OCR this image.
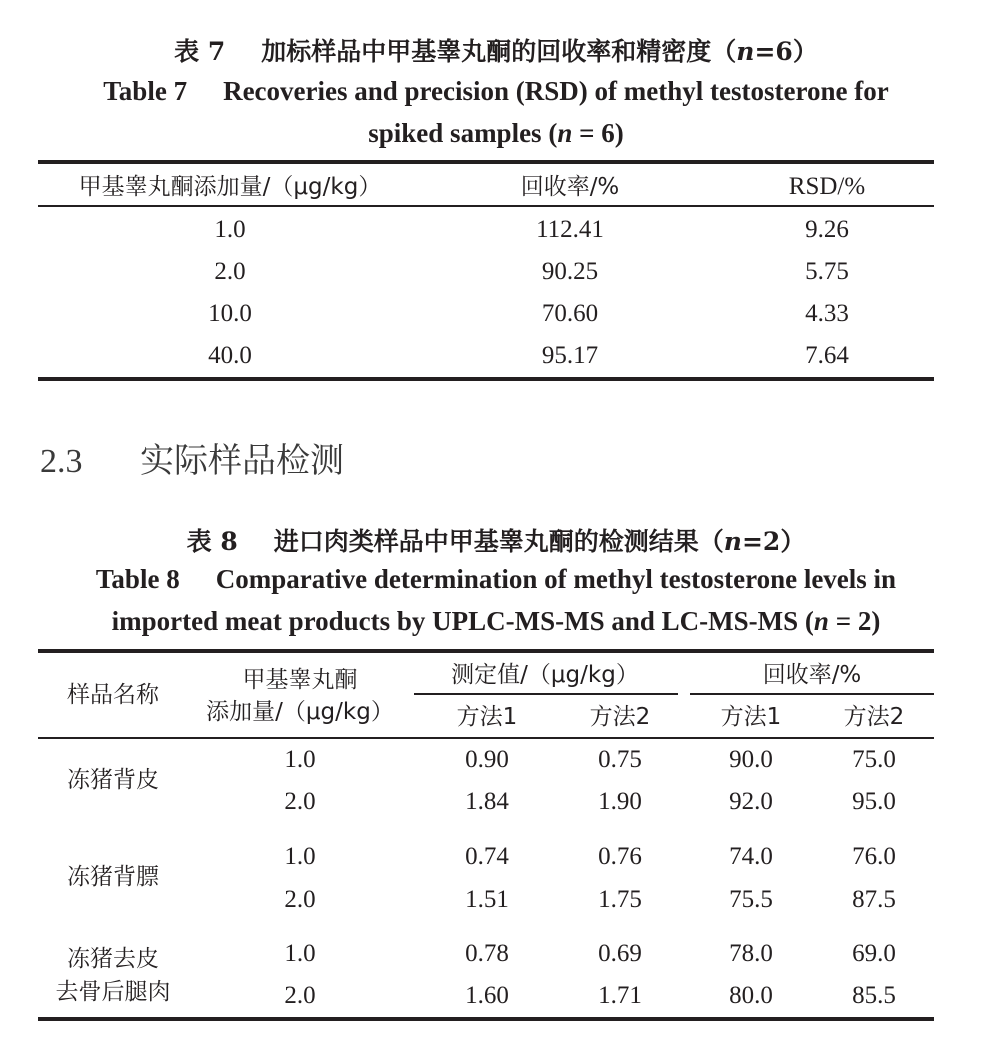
表 7 加标样品中甲基睾丸酮的回收率和精密度（n=6）
Table 7 Recoveries and precision (RSD) of methyl testosterone for
spiked samples (n = 6)
甲基睾丸酮添加量/（μg/kg）	回收率/%	RSD/%
1.0	112.41	9.26
2.0	90.25	5.75
10.0	70.60	4.33
40.0	95.17	7.64
2.3 实际样品检测
表 8 进口肉类样品中甲基睾丸酮的检测结果（n=2）
Table 8 Comparative determination of methyl testosterone levels in
imported meat products by UPLC-MS-MS and LC-MS-MS (n = 2)
样品名称
甲基睾丸酮
添加量/（μg/kg）
测定值/（μg/kg）	回收率/%
方法1	方法2	方法1	方法2
冻猪背皮
1.0	0.90	0.75	90.0	75.0
2.0	1.84	1.90	92.0	95.0
冻猪背膘
1.0	0.74	0.76	74.0	76.0
2.0	1.51	1.75	75.5	87.5
冻猪去皮
去骨后腿肉
1.0	0.78	0.69	78.0	69.0
2.0	1.60	1.71	80.0	85.5
